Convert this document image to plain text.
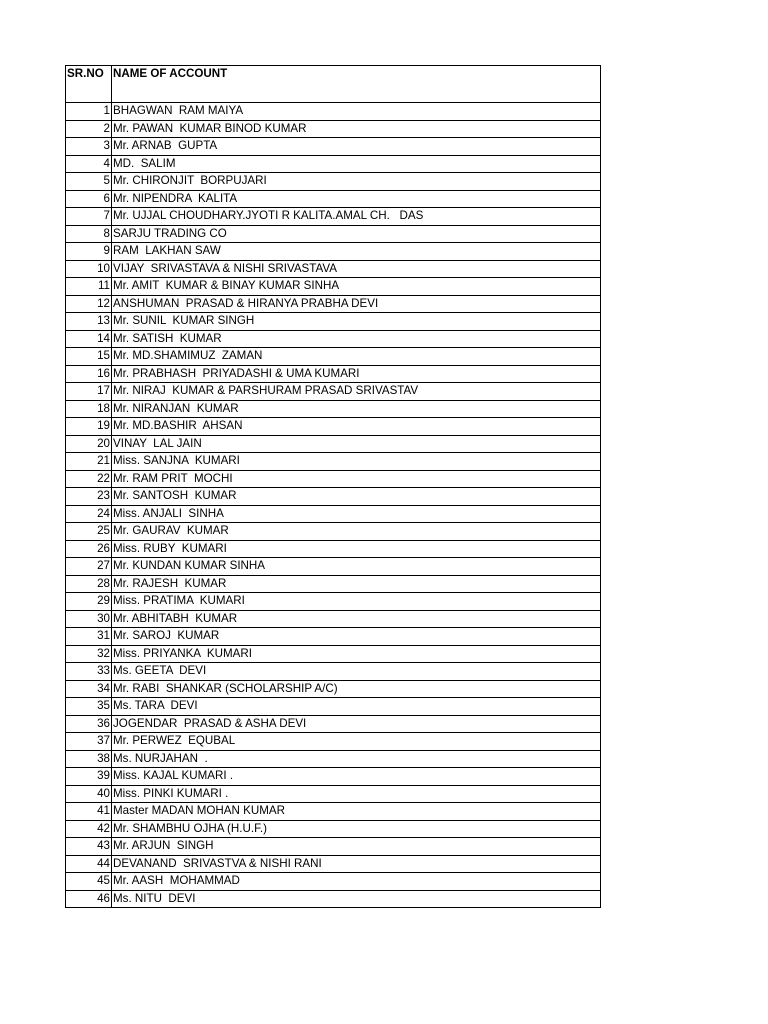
SR.NO	NAME OF ACCOUNT
1	BHAGWAN  RAM MAIYA
2	Mr. PAWAN  KUMAR BINOD KUMAR
3	Mr. ARNAB  GUPTA
4	MD.  SALIM
5	Mr. CHIRONJIT  BORPUJARI
6	Mr. NIPENDRA  KALITA
7	Mr. UJJAL CHOUDHARY.JYOTI R KALITA.AMAL CH.   DAS
8	SARJU TRADING CO
9	RAM  LAKHAN SAW
10	VIJAY  SRIVASTAVA & NISHI SRIVASTAVA
11	Mr. AMIT  KUMAR & BINAY KUMAR SINHA
12	ANSHUMAN  PRASAD & HIRANYA PRABHA DEVI
13	Mr. SUNIL  KUMAR SINGH
14	Mr. SATISH  KUMAR
15	Mr. MD.SHAMIMUZ  ZAMAN
16	Mr. PRABHASH  PRIYADASHI & UMA KUMARI
17	Mr. NIRAJ  KUMAR & PARSHURAM PRASAD SRIVASTAV
18	Mr. NIRANJAN  KUMAR
19	Mr. MD.BASHIR  AHSAN
20	VINAY  LAL JAIN
21	Miss. SANJNA  KUMARI
22	Mr. RAM PRIT  MOCHI
23	Mr. SANTOSH  KUMAR
24	Miss. ANJALI  SINHA
25	Mr. GAURAV  KUMAR
26	Miss. RUBY  KUMARI
27	Mr. KUNDAN KUMAR SINHA
28	Mr. RAJESH  KUMAR
29	Miss. PRATIMA  KUMARI
30	Mr. ABHITABH  KUMAR
31	Mr. SAROJ  KUMAR
32	Miss. PRIYANKA  KUMARI
33	Ms. GEETA  DEVI
34	Mr. RABI  SHANKAR (SCHOLARSHIP A/C)
35	Ms. TARA  DEVI
36	JOGENDAR  PRASAD & ASHA DEVI
37	Mr. PERWEZ  EQUBAL
38	Ms. NURJAHAN  .
39	Miss. KAJAL KUMARI .
40	Miss. PINKI KUMARI .
41	Master MADAN MOHAN KUMAR
42	Mr. SHAMBHU OJHA (H.U.F.)
43	Mr. ARJUN  SINGH
44	DEVANAND  SRIVASTVA & NISHI RANI
45	Mr. AASH  MOHAMMAD
46	Ms. NITU  DEVI
